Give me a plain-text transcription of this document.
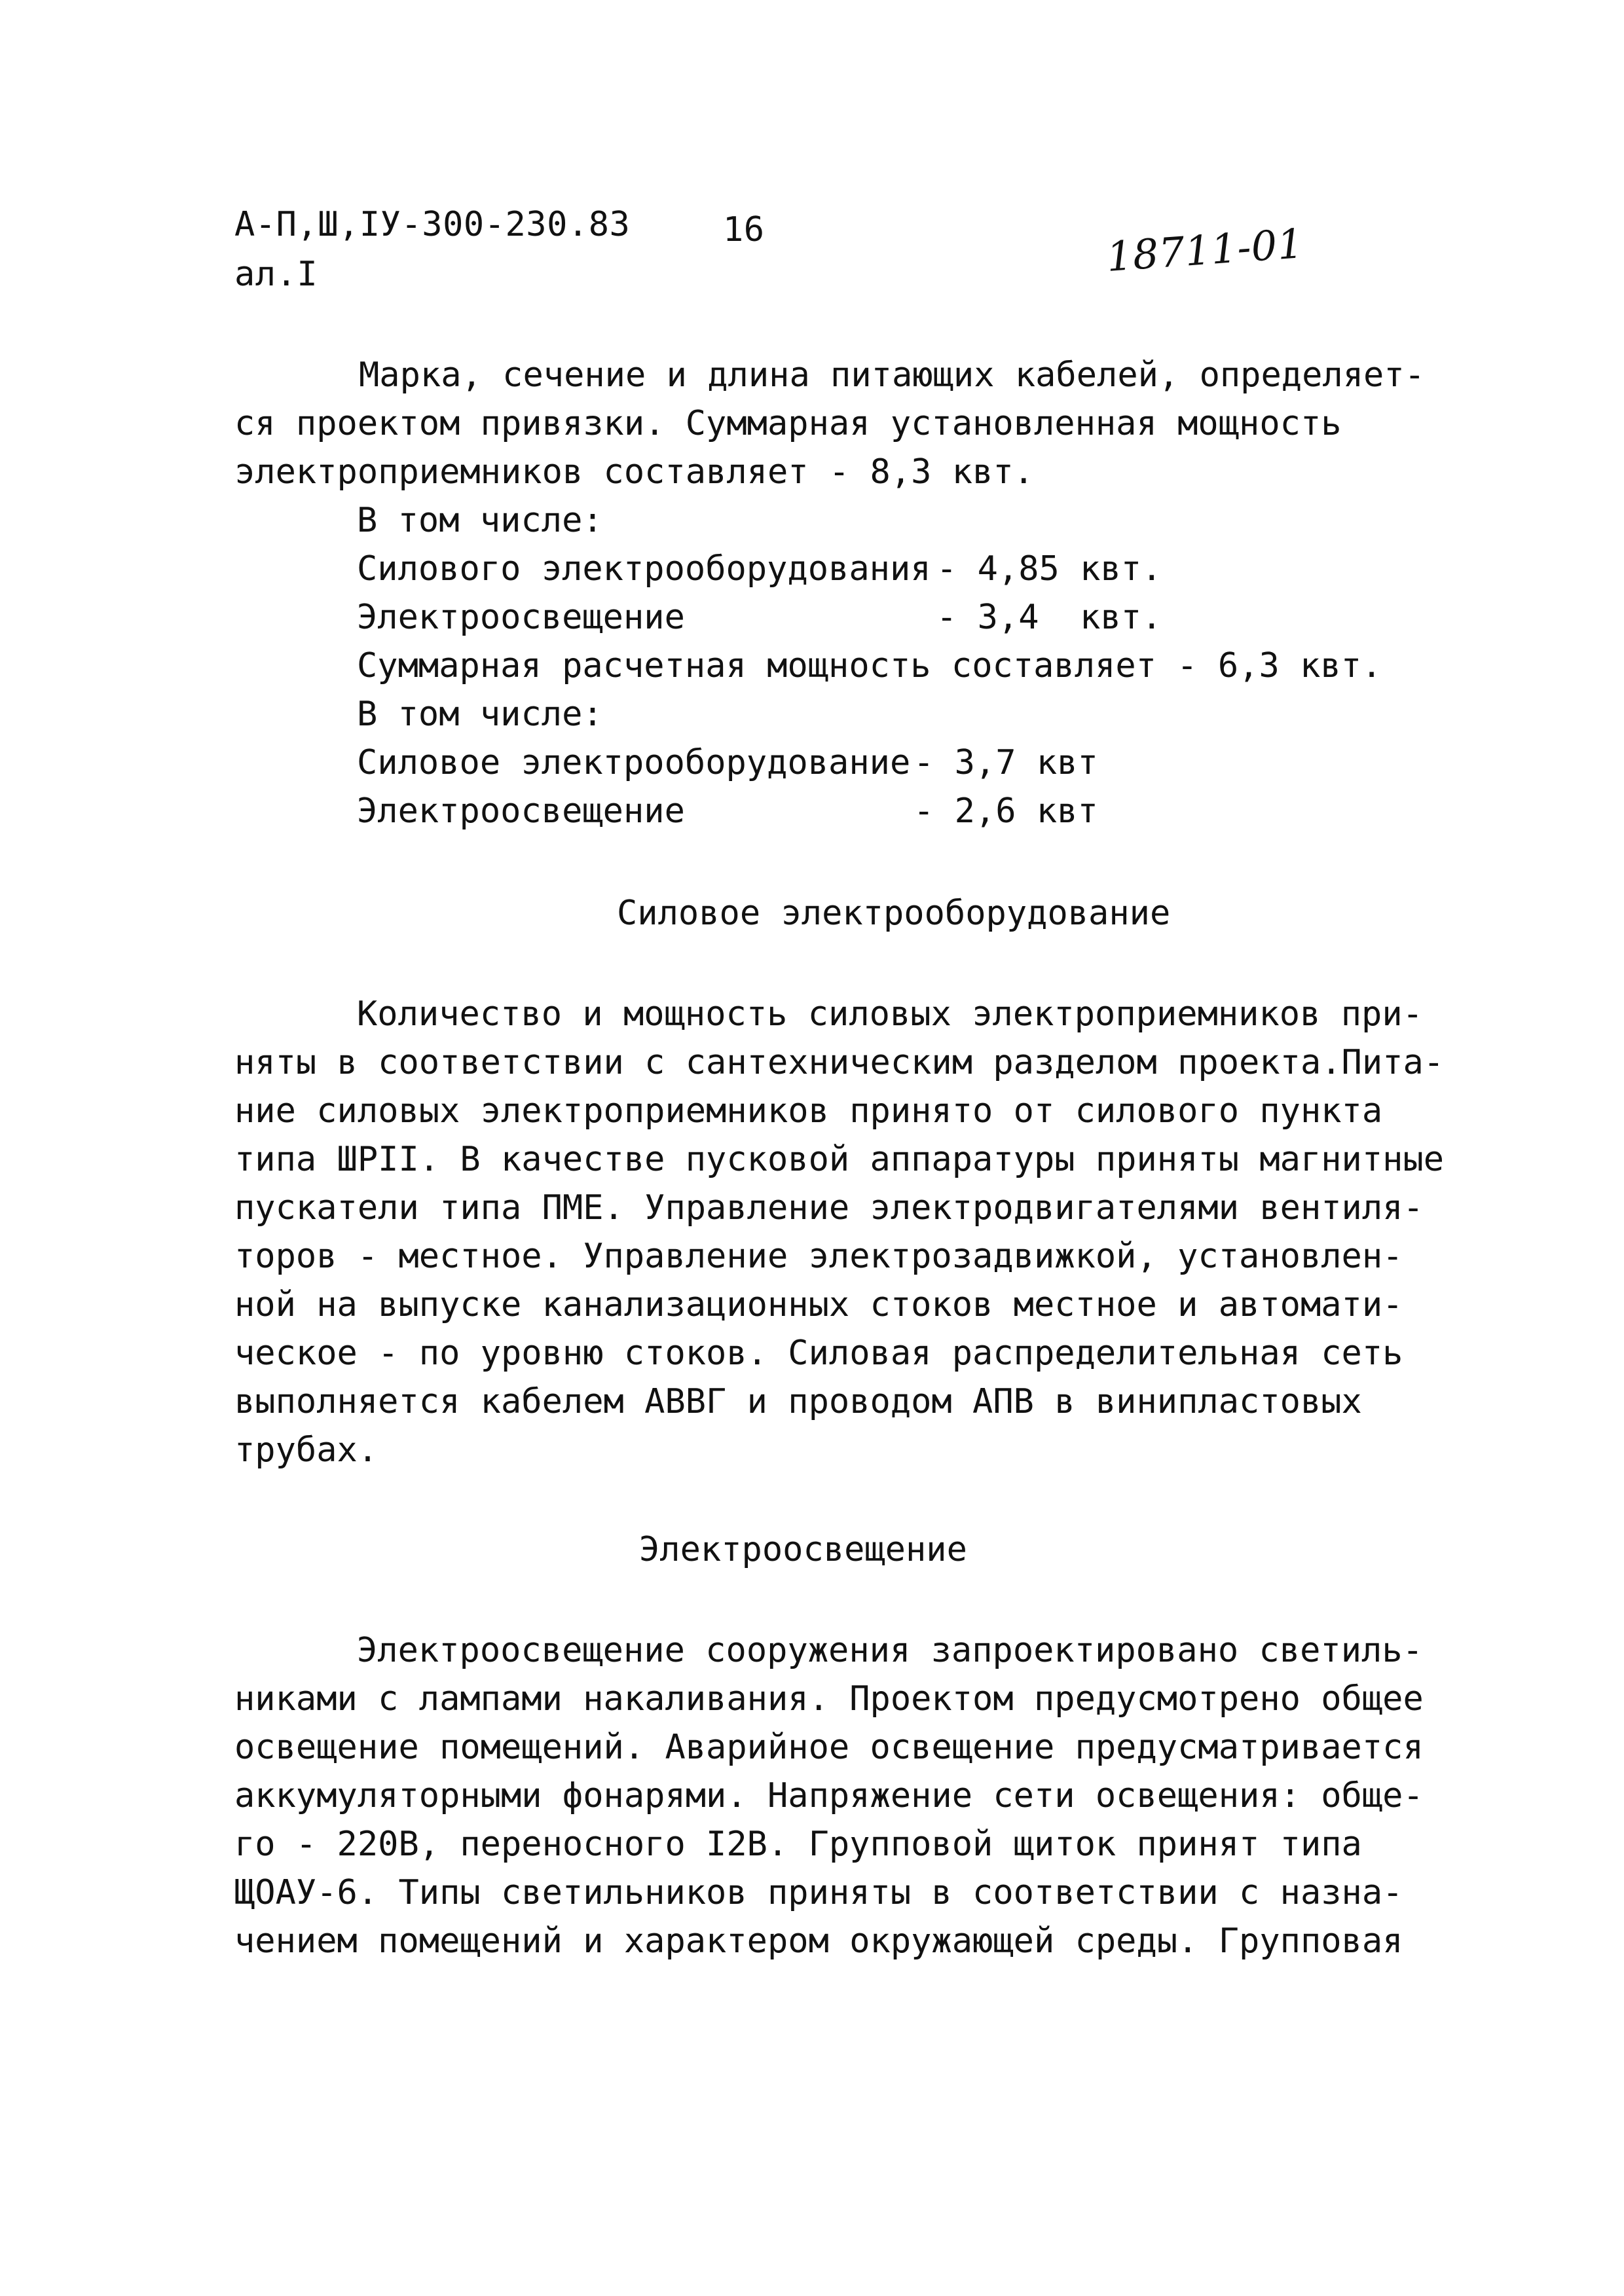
А-П,Ш,IУ-300-230.83
ал.I
16	18711-01
Марка, сечение и длина питающих кабелей, определяет-
ся проектом привязки. Суммарная установленная мощность
электроприемников составляет - 8,3 квт.
В том числе:
Силового электрооборудования - 4,85 квт.
Электроосвещение	- 3,4  квт.
Суммарная расчетная мощность составляет - 6,3 квт.
В том числе:
Силовое электрооборудование - 3,7 квт
Электроосвещение	- 2,6 квт
Силовое электрооборудование
Количество и мощность силовых электроприемников при-
няты в соответствии с сантехническим разделом проекта.Пита-
ние силовых электроприемников принято от силового пункта
типа ШРII. В качестве пусковой аппаратуры приняты магнитные
пускатели типа ПМЕ. Управление электродвигателями вентиля-
торов - местное. Управление электрозадвижкой, установлен-
ной на выпуске канализационных стоков местное и автомати-
ческое - по уровню стоков. Силовая распределительная сеть
выполняется кабелем АВВГ и проводом АПВ в винипластовых
трубах.
Электроосвещение
Электроосвещение сооружения запроектировано светиль-
никами с лампами накаливания. Проектом предусмотрено общее
освещение помещений. Аварийное освещение предусматривается
аккумуляторными фонарями. Напряжение сети освещения: обще-
го - 220В, переносного I2В. Групповой щиток принят типа
ЩОАУ-6. Типы светильников приняты в соответствии с назна-
чением помещений и характером окружающей среды. Групповая
